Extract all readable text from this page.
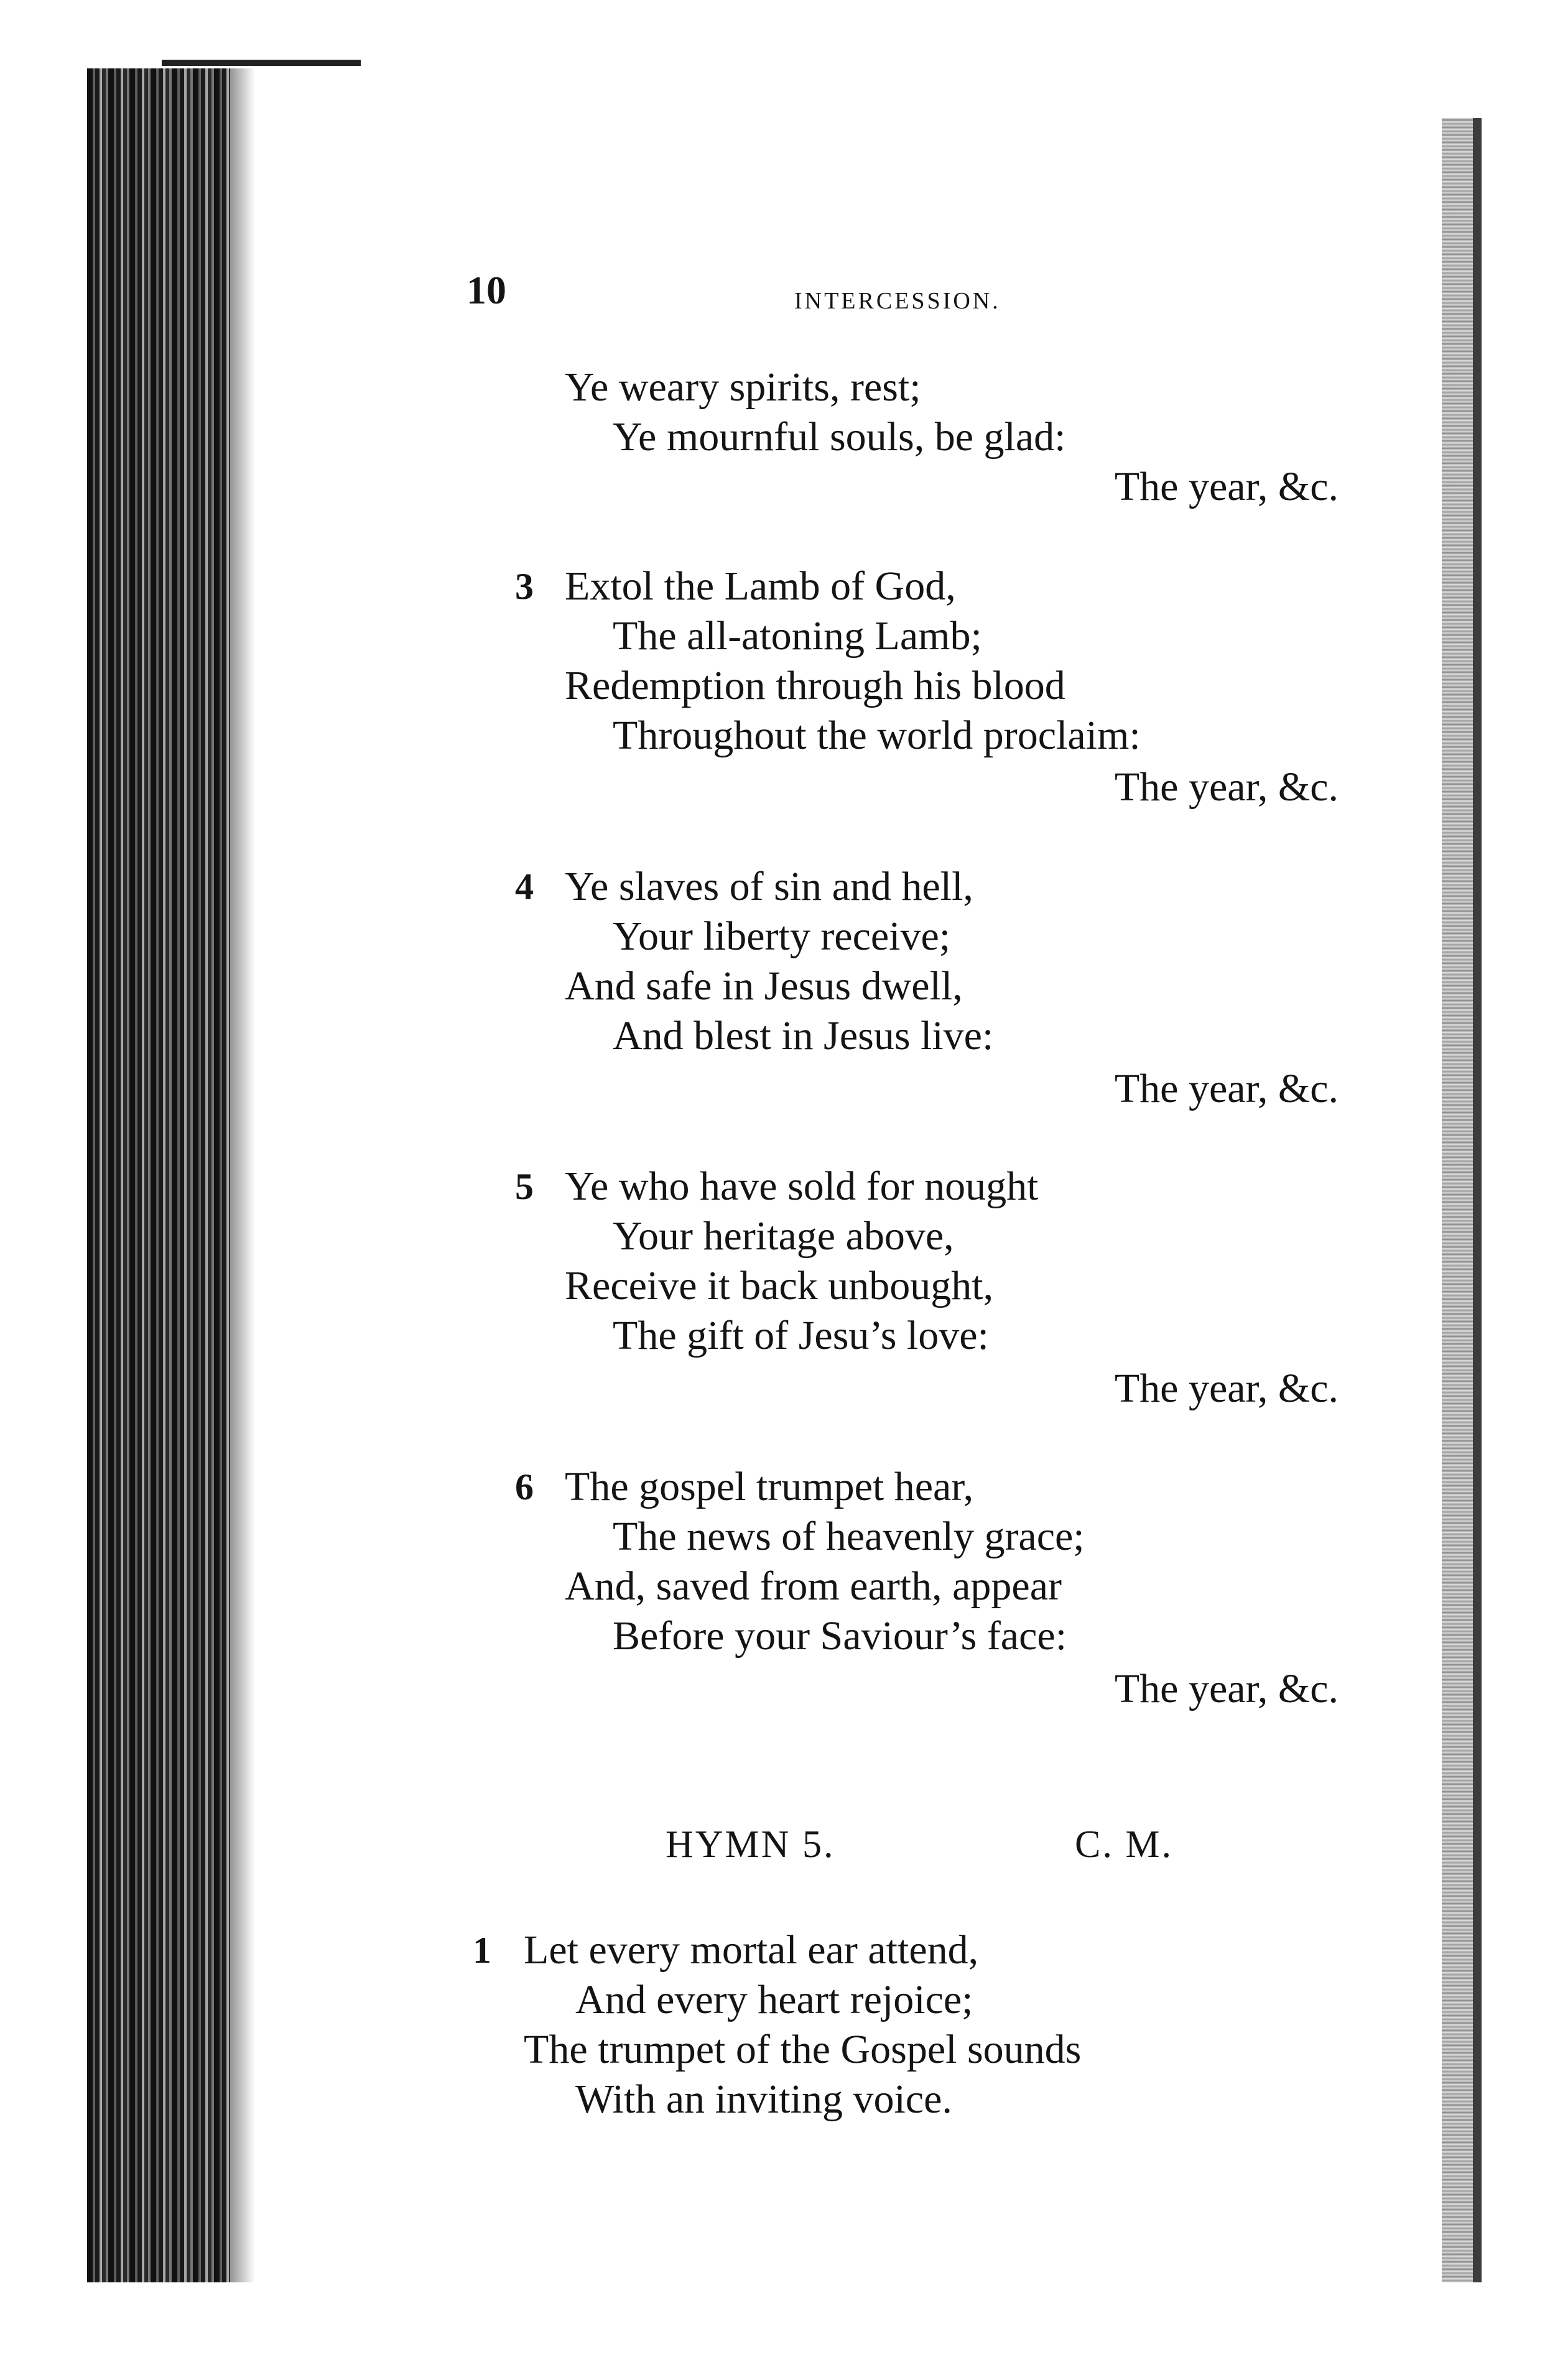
10	INTERCESSION.
Ye weary spirits, rest;
Ye mournful souls, be glad:
The year, &c.
3 Extol the Lamb of God,
The all-atoning Lamb;
Redemption through his blood
Throughout the world proclaim:
The year, &c.
4 Ye slaves of sin and hell,
Your liberty receive;
And safe in Jesus dwell,
And blest in Jesus live:
The year, &c.
5 Ye who have sold for nought
Your heritage above,
Receive it back unbought,
The gift of Jesu’s love:
The year, &c.
6 The gospel trumpet hear,
The news of heavenly grace;
And, saved from earth, appear
Before your Saviour’s face:
The year, &c.
HYMN 5.	C. M.
1 Let every mortal ear attend,
And every heart rejoice;
The trumpet of the Gospel sounds
With an inviting voice.
